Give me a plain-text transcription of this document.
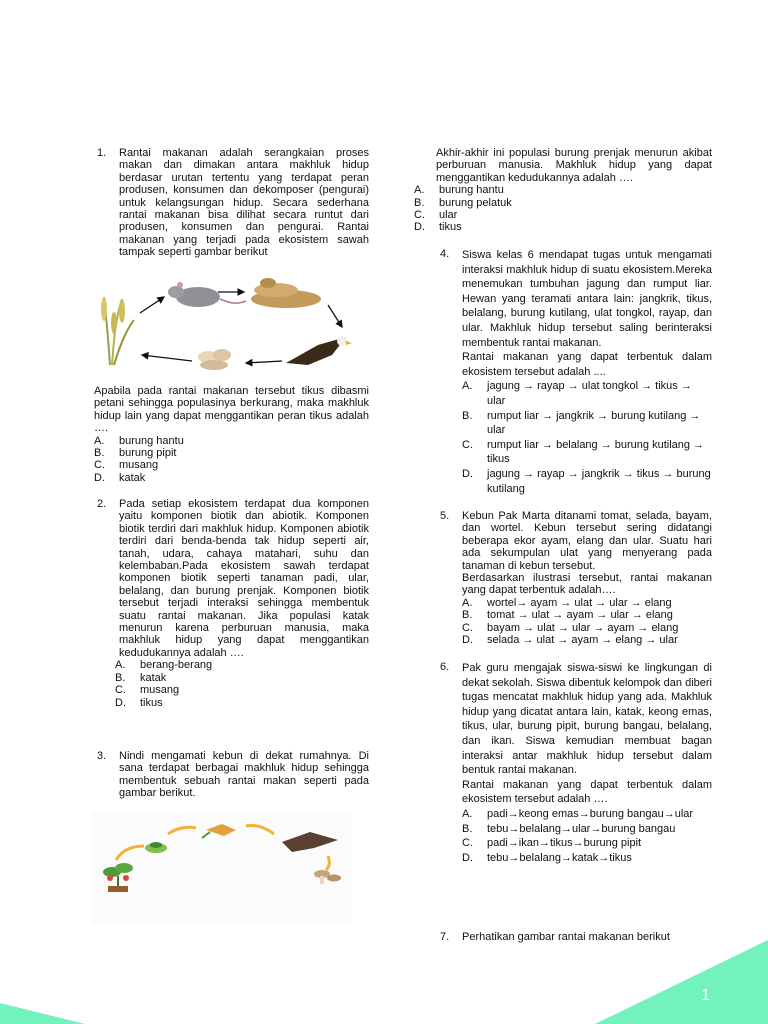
1
1. Rantai makanan adalah serangkaian proses makan dan dimakan antara makhluk hidup berdasar urutan tertentu yang terdapat peran produsen, konsumen dan dekomposer (pengurai) untuk kelangsungan hidup. Secara sederhana rantai makanan bisa dilihat secara runtut dari produsen, konsumen dan pengurai. Rantai makanan yang terjadi pada ekosistem sawah tampak seperti gambar berikut
Apabila pada rantai makanan tersebut tikus dibasmi petani sehingga populasinya berkurang, maka makhluk hidup lain yang dapat menggantikan peran tikus adalah ….
A. burung hantu
B. burung pipit
C. musang
D. katak
2. Pada setiap ekosistem terdapat dua komponen yaitu komponen biotik dan abiotik. Komponen biotik terdiri dari makhluk hidup. Komponen abiotik terdiri dari benda-benda tak hidup seperti air, tanah, udara, cahaya matahari, suhu dan kelembaban.Pada ekosistem sawah terdapat komponen biotik seperti tanaman padi, ular, belalang, dan burung prenjak. Komponen biotik tersebut terjadi interaksi sehingga membentuk suatu rantai makanan. Jika populasi katak menurun karena perburuan manusia, maka makhluk hidup yang dapat menggantikan kedudukannya adalah ….
A. berang-berang
B. katak
C. musang
D. tikus
3. Nindi mengamati kebun di dekat rumahnya. Di sana terdapat berbagai makhluk hidup sehingga membentuk sebuah rantai makan seperti pada gambar berikut.
Akhir-akhir ini populasi burung prenjak menurun akibat perburuan manusia. Makhluk hidup yang dapat menggantikan kedudukannya adalah ….
A. burung hantu
B. burung pelatuk
C. ular
D. tikus
4. Siswa kelas 6 mendapat tugas untuk mengamati interaksi makhluk hidup di suatu ekosistem.Mereka menemukan tumbuhan jagung dan rumput liar. Hewan yang teramati antara lain: jangkrik, tikus, belalang, burung kutilang, ulat tongkol, rayap, dan ular. Makhluk hidup tersebut saling berinteraksi membentuk rantai makanan.
Rantai makanan yang dapat terbentuk dalam ekosistem tersebut adalah ....
A. jagung → rayap → ulat tongkol → tikus → ular
B. rumput liar → jangkrik → burung kutilang → ular
C. rumput liar → belalang → burung kutilang → tikus
D. jagung → rayap → jangkrik → tikus → burung kutilang
5. Kebun Pak Marta ditanami tomat, selada, bayam, dan wortel. Kebun tersebut sering didatangi beberapa ekor ayam, elang dan ular. Suatu hari ada sekumpulan ulat yang menyerang pada tanaman di kebun tersebut.
Berdasarkan ilustrasi tersebut, rantai makanan yang dapat terbentuk adalah….
A. wortel→ ayam → ulat → ular → elang
B. tomat → ulat → ayam → ular → elang
C. bayam → ulat → ular → ayam → elang
D. selada → ulat → ayam → elang → ular
6. Pak guru mengajak siswa-siswi ke lingkungan di dekat sekolah. Siswa dibentuk kelompok dan diberi tugas mencatat makhluk hidup yang ada. Makhluk hidup yang dicatat antara lain, katak, keong emas, tikus, ular, burung pipit, burung bangau, belalang, dan ikan. Siswa kemudian membuat bagan interaksi antar makhluk hidup tersebut dalam bentuk rantai makanan.
Rantai makanan yang dapat terbentuk dalam ekosistem tersebut adalah ….
A. padi→keong emas→burung bangau→ular
B. tebu→belalang→ular→burung bangau
C. padi→ikan→tikus→burung pipit
D. tebu→belalang→katak→tikus
7. Perhatikan gambar rantai makanan berikut
